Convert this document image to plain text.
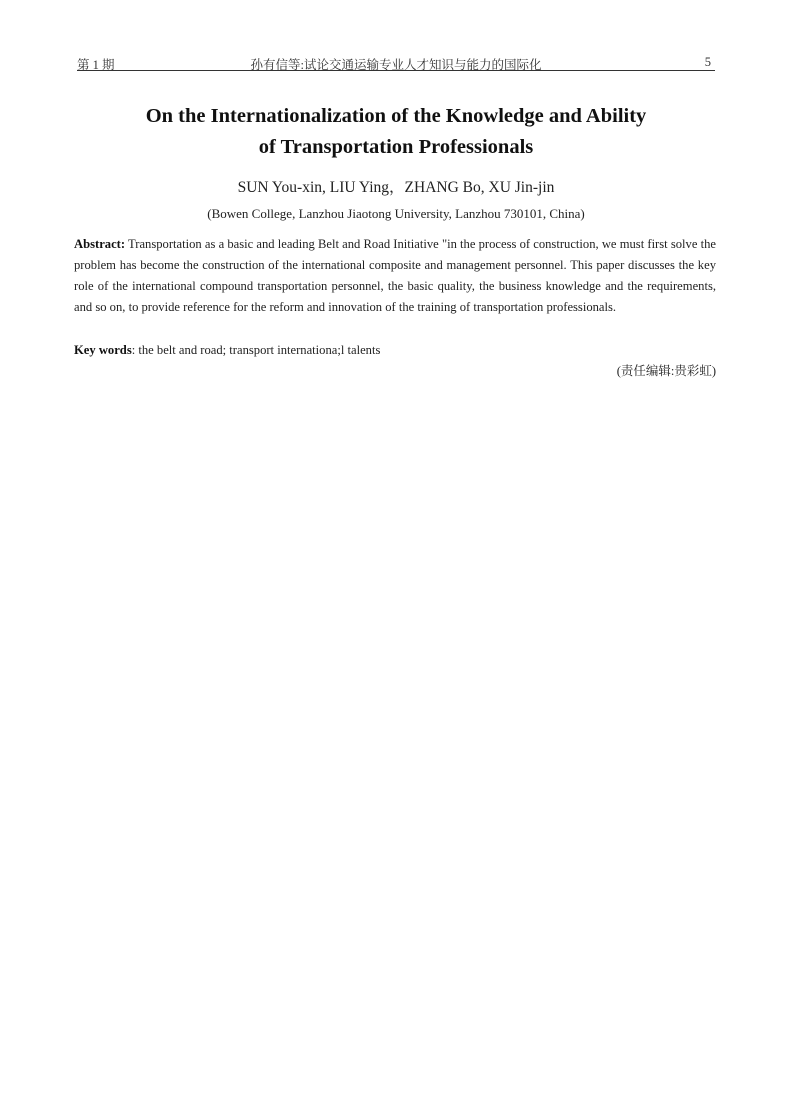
第 1 期	孙有信等:试论交通运输专业人才知识与能力的国际化	5
On the Internationalization of the Knowledge and Ability
of Transportation Professionals
SUN You-xin, LIU Ying，ZHANG Bo, XU Jin-jin
(Bowen College, Lanzhou Jiaotong University, Lanzhou 730101, China)
Abstract: Transportation as a basic and leading Belt and Road Initiative "in the process of construction, we must first solve the problem has become the construction of the international composite and management personnel. This paper discusses the key role of the international compound transportation personnel, the basic quality, the business knowledge and the requirements, and so on, to provide reference for the reform and innovation of the training of transportation professionals.
Key words: the belt and road; transport internationa;l talents
(责任编辑:贵彩虹)
